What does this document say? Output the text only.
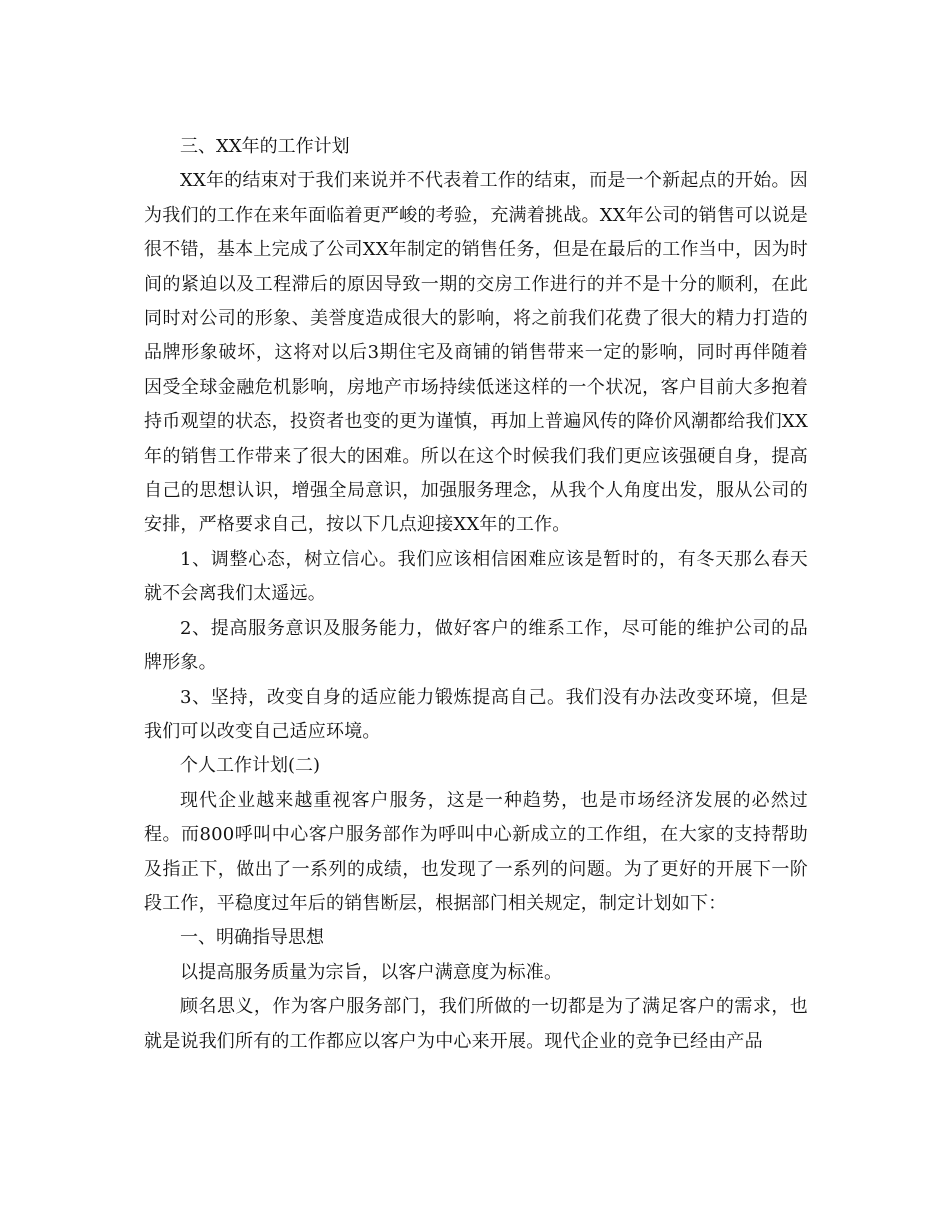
三、XX年的工作计划

XX年的结束对于我们来说并不代表着工作的结束，而是一个新起点的开始。因为我们的工作在来年面临着更严峻的考验，充满着挑战。XX年公司的销售可以说是很不错，基本上完成了公司XX年制定的销售任务，但是在最后的工作当中，因为时间的紧迫以及工程滞后的原因导致一期的交房工作进行的并不是十分的顺利，在此同时对公司的形象、美誉度造成很大的影响，将之前我们花费了很大的精力打造的品牌形象破坏，这将对以后3期住宅及商铺的销售带来一定的影响，同时再伴随着因受全球金融危机影响，房地产市场持续低迷这样的一个状况，客户目前大多抱着持币观望的状态，投资者也变的更为谨慎，再加上普遍风传的降价风潮都给我们XX年的销售工作带来了很大的困难。所以在这个时候我们我们更应该强硬自身，提高自己的思想认识，增强全局意识，加强服务理念，从我个人角度出发，服从公司的安排，严格要求自己，按以下几点迎接XX年的工作。

1、调整心态，树立信心。我们应该相信困难应该是暂时的，有冬天那么春天就不会离我们太遥远。

2、提高服务意识及服务能力，做好客户的维系工作，尽可能的维护公司的品牌形象。

3、坚持，改变自身的适应能力锻炼提高自己。我们没有办法改变环境，但是我们可以改变自己适应环境。

个人工作计划(二)

现代企业越来越重视客户服务，这是一种趋势，也是市场经济发展的必然过程。而800呼叫中心客户服务部作为呼叫中心新成立的工作组，在大家的支持帮助及指正下，做出了一系列的成绩，也发现了一系列的问题。为了更好的开展下一阶段工作，平稳度过年后的销售断层，根据部门相关规定，制定计划如下：

一、明确指导思想

以提高服务质量为宗旨，以客户满意度为标准。

顾名思义，作为客户服务部门，我们所做的一切都是为了满足客户的需求，也就是说我们所有的工作都应以客户为中心来开展。现代企业的竞争已经由产品
